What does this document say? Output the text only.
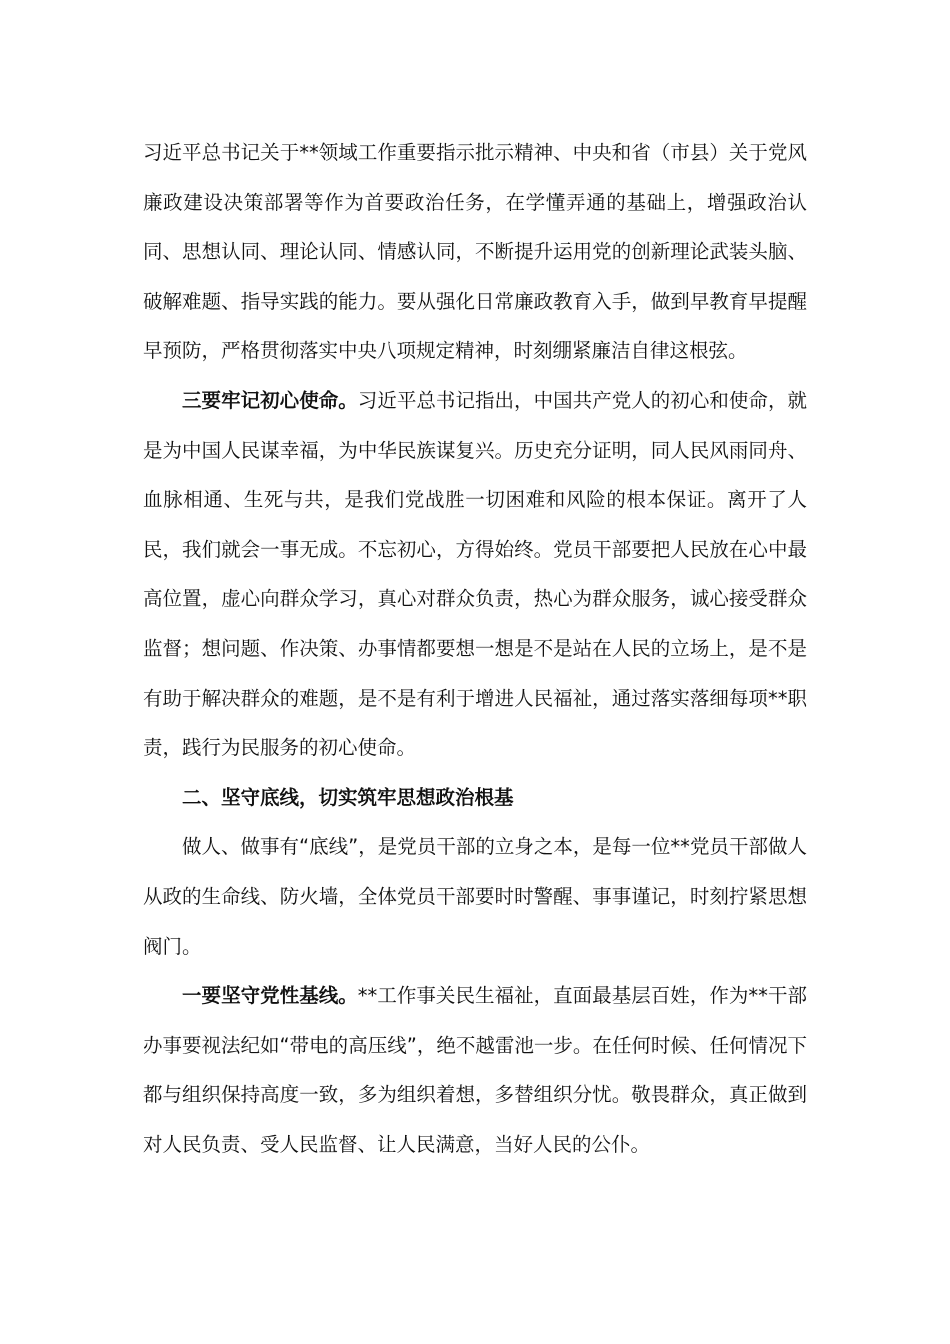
习近平总书记关于**领域工作重要指示批示精神、中央和省（市县）关于党风廉政建设决策部署等作为首要政治任务，在学懂弄通的基础上，增强政治认同、思想认同、理论认同、情感认同，不断提升运用党的创新理论武装头脑、破解难题、指导实践的能力。要从强化日常廉政教育入手，做到早教育早提醒早预防，严格贯彻落实中央八项规定精神，时刻绷紧廉洁自律这根弦。

三要牢记初心使命。习近平总书记指出，中国共产党人的初心和使命，就是为中国人民谋幸福，为中华民族谋复兴。历史充分证明，同人民风雨同舟、血脉相通、生死与共，是我们党战胜一切困难和风险的根本保证。离开了人民，我们就会一事无成。不忘初心，方得始终。党员干部要把人民放在心中最高位置，虚心向群众学习，真心对群众负责，热心为群众服务，诚心接受群众监督；想问题、作决策、办事情都要想一想是不是站在人民的立场上，是不是有助于解决群众的难题，是不是有利于增进人民福祉，通过落实落细每项**职责，践行为民服务的初心使命。

二、坚守底线，切实筑牢思想政治根基

做人、做事有“底线”，是党员干部的立身之本，是每一位**党员干部做人从政的生命线、防火墙，全体党员干部要时时警醒、事事谨记，时刻拧紧思想阀门。

一要坚守党性基线。**工作事关民生福祉，直面最基层百姓，作为**干部办事要视法纪如“带电的高压线”，绝不越雷池一步。在任何时候、任何情况下都与组织保持高度一致，多为组织着想，多替组织分忧。敬畏群众，真正做到对人民负责、受人民监督、让人民满意，当好人民的公仆。
